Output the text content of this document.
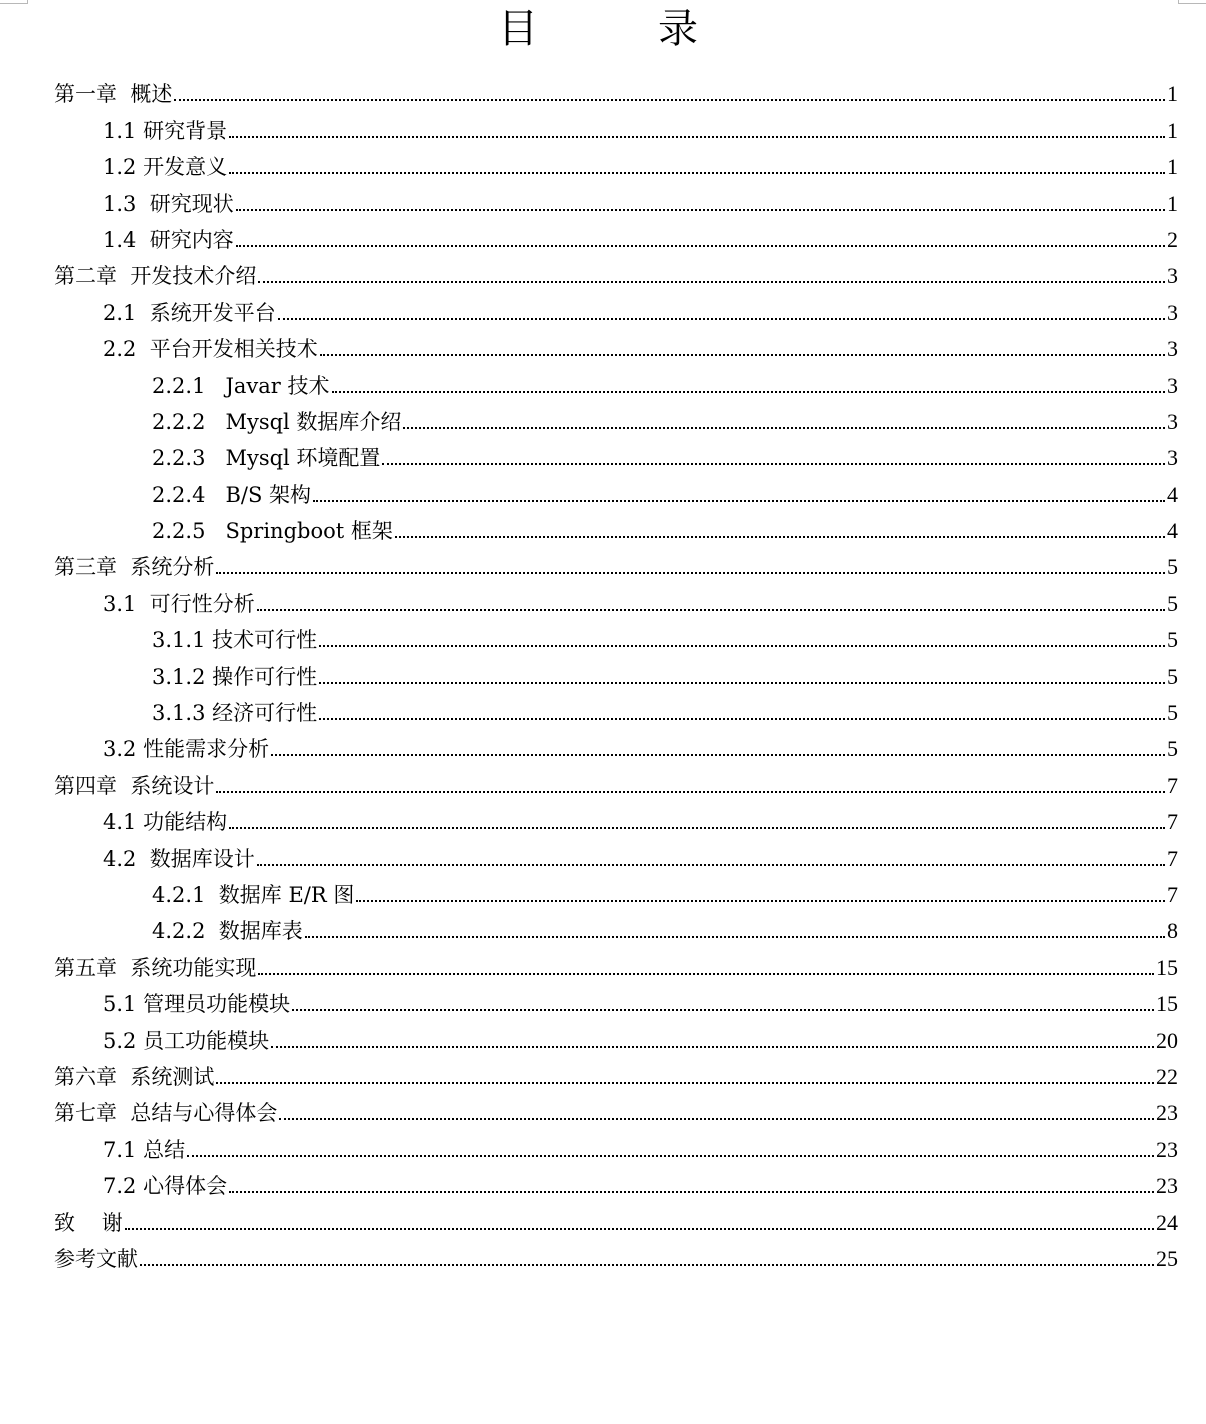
目　录
第一章  概述	1
1.1 研究背景	1
1.2 开发意义	1
1.3  研究现状	1
1.4  研究内容	2
第二章  开发技术介绍	3
2.1  系统开发平台	3
2.2  平台开发相关技术	3
2.2.1   Javar 技术	3
2.2.2   Mysql 数据库介绍	3
2.2.3   Mysql 环境配置	3
2.2.4   B/S 架构	4
2.2.5   Springboot 框架	4
第三章  系统分析	5
3.1  可行性分析	5
3.1.1 技术可行性	5
3.1.2 操作可行性	5
3.1.3 经济可行性	5
3.2 性能需求分析	5
第四章  系统设计	7
4.1 功能结构	7
4.2  数据库设计	7
4.2.1  数据库 E/R 图	7
4.2.2  数据库表	8
第五章  系统功能实现	15
5.1 管理员功能模块	15
5.2 员工功能模块	20
第六章  系统测试	22
第七章  总结与心得体会	23
7.1 总结	23
7.2 心得体会	23
致    谢	24
参考文献	25
